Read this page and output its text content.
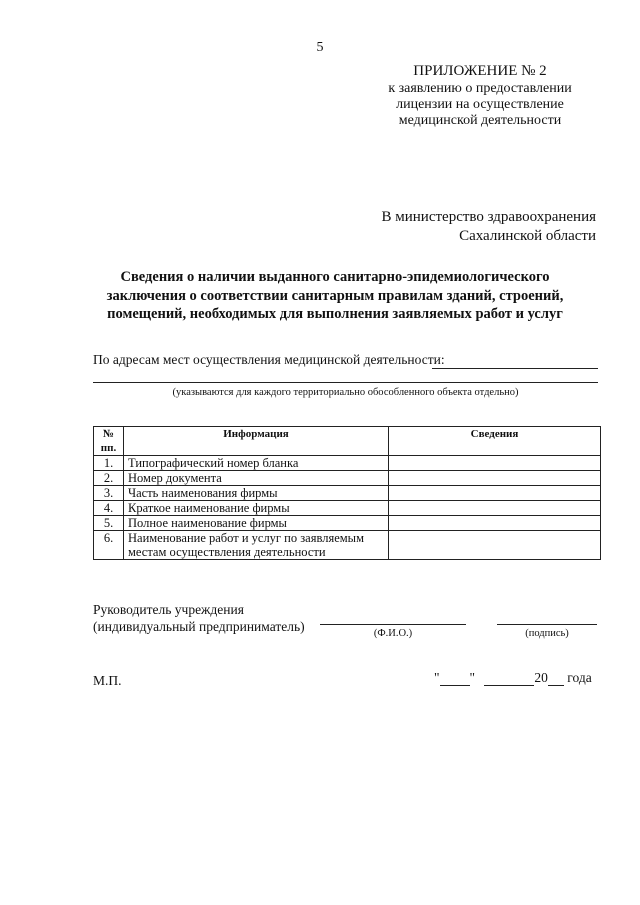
5
ПРИЛОЖЕНИЕ № 2
к заявлению о предоставлении
лицензии на осуществление
медицинской деятельности
В министерство здравоохранения
Сахалинской области
Сведения о наличии выданного санитарно-эпидемиологического
заключения о соответствии санитарным правилам зданий, строений,
помещений, необходимых для выполнения заявляемых работ и услуг
По адресам мест осуществления медицинской деятельности:
(указываются для каждого территориально обособленного объекта отдельно)
№ пп.	Информация	Сведения
1.	Типографический номер бланка	
2.	Номер документа	
3.	Часть наименования фирмы	
4.	Краткое наименование фирмы	
5.	Полное наименование фирмы	
6.	Наименование работ и услуг по заявляемым местам осуществления деятельности	
Руководитель учреждения
(индивидуальный предприниматель)	(Ф.И.О.)	(подпись)
М.П.	" "	20 года
